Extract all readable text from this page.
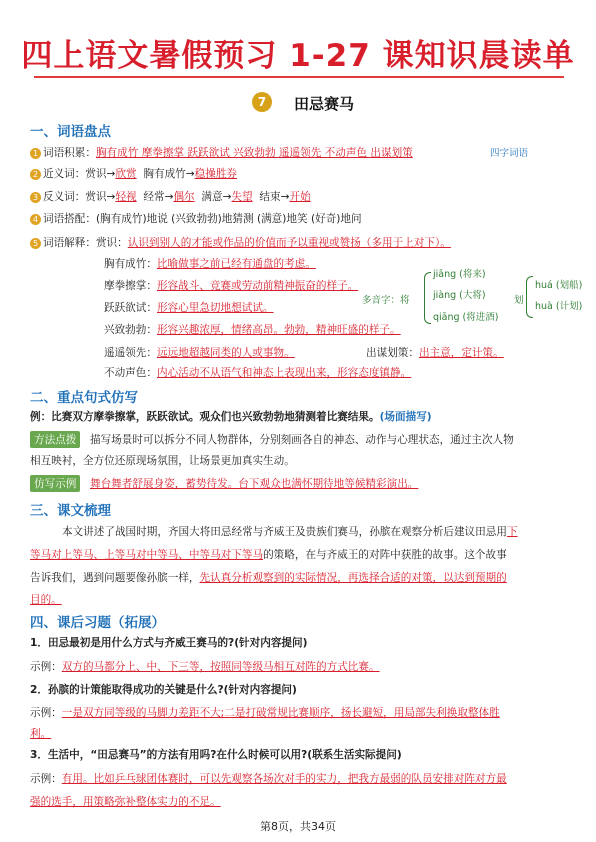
四上语文暑假预习 1-27 课知识晨读单
7	田忌赛马
一、词语盘点
1 词语积累：胸有成竹 摩拳擦掌 跃跃欲试 兴致勃勃 遥遥领先 不动声色 出谋划策	四字词语
2 近义词：赏识→欣赏 胸有成竹→稳操胜券
3 反义词：赏识→轻视 经常→偶尔 满意→失望 结束→开始
4 词语搭配：(胸有成竹)地说 (兴致勃勃)地猜测 (满意)地笑 (好奇)地问
5 词语解释：赏识：认识到别人的才能或作品的价值而予以重视或赞扬（多用于上对下）。
胸有成竹：比喻做事之前已经有通盘的考虑。
摩拳擦掌：形容战斗、竞赛或劳动前精神振奋的样子。
跃跃欲试：形容心里急切地想试试。
兴致勃勃：形容兴趣浓厚，情绪高昂。勃勃，精神旺盛的样子。
遥遥领先：远远地超越同类的人或事物。	出谋划策：出主意，定计策。
不动声色：内心活动不从语气和神态上表现出来，形容态度镇静。
多音字：将
jiāng (将来)
jiàng (大将)
qiāng (将进酒)
划
huá (划船)
huà (计划)
二、重点句式仿写
例：比赛双方摩拳擦掌，跃跃欲试。观众们也兴致勃勃地猜测着比赛结果。(场面描写)
方法点拨	描写场景时可以拆分不同人物群体，分别刻画各自的神态、动作与心理状态，通过主次人物
相互映衬，全方位还原现场氛围，让场景更加真实生动。
仿写示例	舞台舞者舒展身姿，蓄势待发。台下观众也满怀期待地等候精彩演出。
三、课文梳理
本文讲述了战国时期，齐国大将田忌经常与齐威王及贵族们赛马，孙膑在观察分析后建议田忌用下
等马对上等马、上等马对中等马、中等马对下等马的策略，在与齐威王的对阵中获胜的故事。这个故事
告诉我们，遇到问题要像孙膑一样，先认真分析观察到的实际情况，再选择合适的对策，以达到预期的
目的。
四、课后习题（拓展）
1．田忌最初是用什么方式与齐威王赛马的?(针对内容提问)
示例：双方的马都分上、中、下三等，按照同等级马相互对阵的方式比赛。
2．孙膑的计策能取得成功的关键是什么?(针对内容提问)
示例：一是双方同等级的马脚力差距不大;二是打破常规比赛顺序，扬长避短，用局部失利换取整体胜
利。
3．生活中，“田忌赛马”的方法有用吗?在什么时候可以用?(联系生活实际提问)
示例：有用。比如乒乓球团体赛时，可以先观察各场次对手的实力，把我方最弱的队员安排对阵对方最
强的选手，用策略弥补整体实力的不足。
第8页，共34页
